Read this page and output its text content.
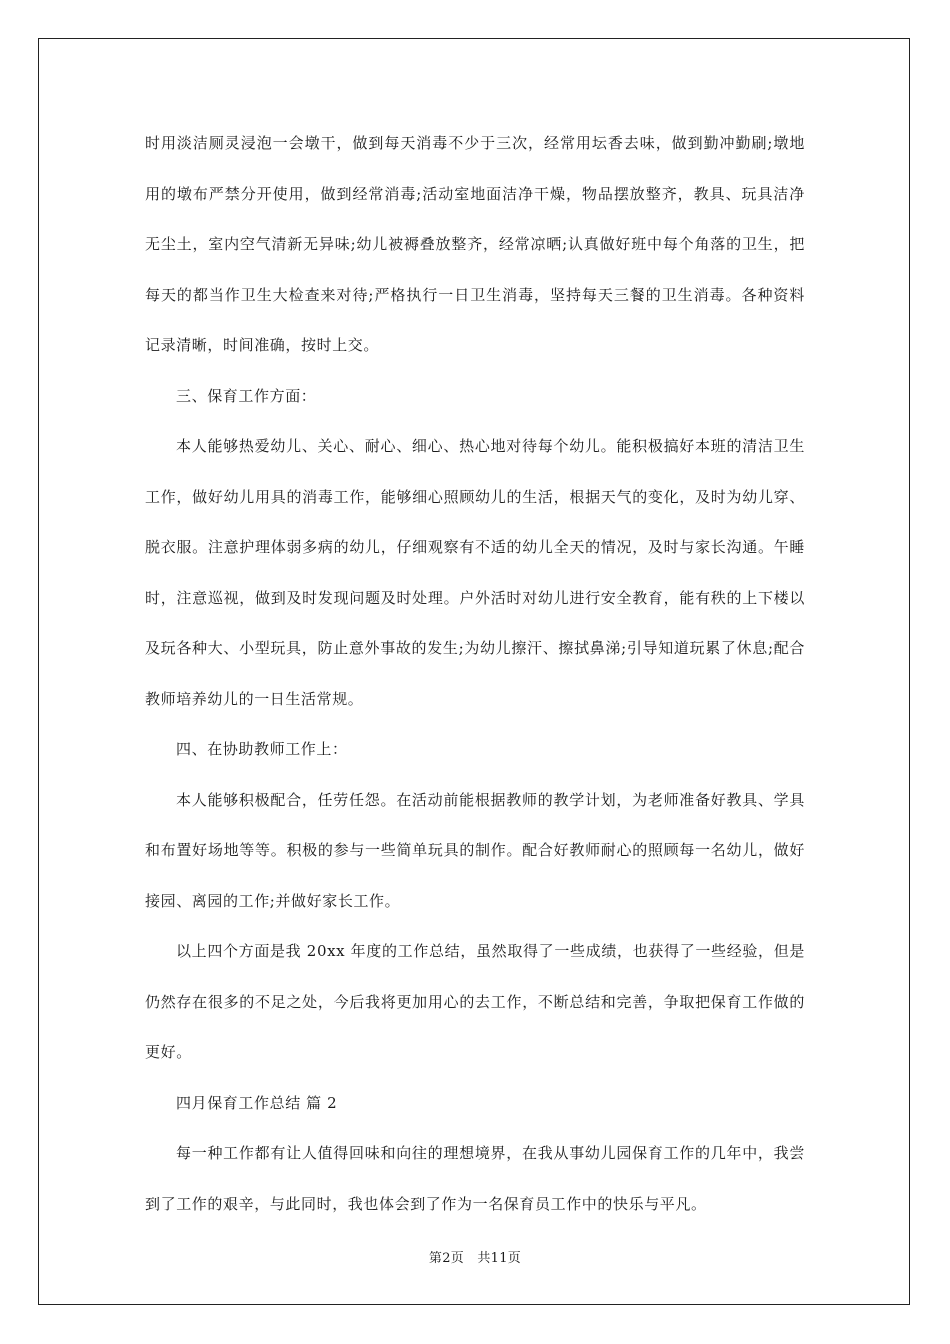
时用淡洁厕灵浸泡一会墩干，做到每天消毒不少于三次，经常用坛香去味，做到勤冲勤刷;墩地用的墩布严禁分开使用，做到经常消毒;活动室地面洁净干燥，物品摆放整齐，教具、玩具洁净无尘土，室内空气清新无异味;幼儿被褥叠放整齐，经常凉晒;认真做好班中每个角落的卫生，把每天的都当作卫生大检查来对待;严格执行一日卫生消毒，坚持每天三餐的卫生消毒。各种资料记录清晰，时间准确，按时上交。

三、保育工作方面：

本人能够热爱幼儿、关心、耐心、细心、热心地对待每个幼儿。能积极搞好本班的清洁卫生工作，做好幼儿用具的消毒工作，能够细心照顾幼儿的生活，根据天气的变化，及时为幼儿穿、脱衣服。注意护理体弱多病的幼儿，仔细观察有不适的幼儿全天的情况，及时与家长沟通。午睡时，注意巡视，做到及时发现问题及时处理。户外活时对幼儿进行安全教育，能有秩的上下楼以及玩各种大、小型玩具，防止意外事故的发生;为幼儿擦汗、擦拭鼻涕;引导知道玩累了休息;配合教师培养幼儿的一日生活常规。

四、在协助教师工作上：

本人能够积极配合，任劳任怨。在活动前能根据教师的教学计划，为老师准备好教具、学具和布置好场地等等。积极的参与一些简单玩具的制作。配合好教师耐心的照顾每一名幼儿，做好接园、离园的工作;并做好家长工作。

以上四个方面是我 20xx 年度的工作总结，虽然取得了一些成绩，也获得了一些经验，但是仍然存在很多的不足之处，今后我将更加用心的去工作，不断总结和完善，争取把保育工作做的更好。

四月保育工作总结 篇 2

每一种工作都有让人值得回味和向往的理想境界，在我从事幼儿园保育工作的几年中，我尝到了工作的艰辛，与此同时，我也体会到了作为一名保育员工作中的快乐与平凡。

第2页　共11页
